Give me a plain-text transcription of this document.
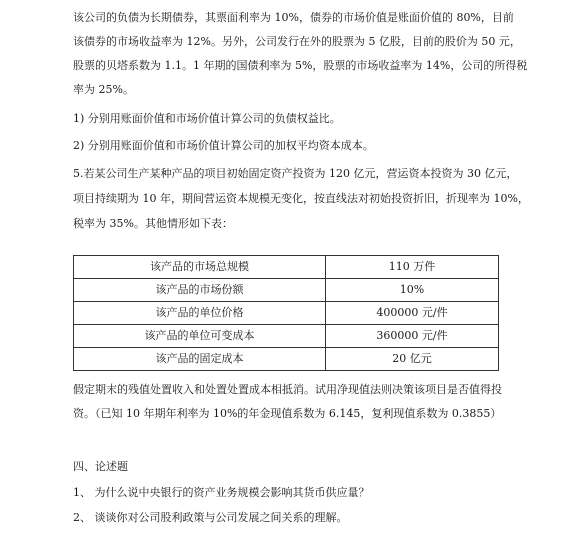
该公司的负债为长期债券，其票面利率为 10%，债券的市场价值是账面价值的 80%，目前
该债券的市场收益率为 12%。另外，公司发行在外的股票为 5 亿股，目前的股价为 50 元，
股票的贝塔系数为 1.1。1 年期的国债利率为 5%，股票的市场收益率为 14%，公司的所得税
率为 25%。
1) 分别用账面价值和市场价值计算公司的负债权益比。
2) 分别用账面价值和市场价值计算公司的加权平均资本成本。
5.若某公司生产某种产品的项目初始固定资产投资为 120 亿元，营运资本投资为 30 亿元，
项目持续期为 10 年，期间营运资本规模无变化，按直线法对初始投资折旧，折现率为 10%，
税率为 35%。其他情形如下表：
该产品的市场总规模	110 万件
该产品的市场份额	10%
该产品的单位价格	400000 元/件
该产品的单位可变成本	360000 元/件
该产品的固定成本	20 亿元
假定期末的残值处置收入和处置处置成本相抵消。试用净现值法则决策该项目是否值得投
资。（已知 10 年期年利率为 10%的年金现值系数为 6.145，复利现值系数为 0.3855）
四、论述题
1、 为什么说中央银行的资产业务规模会影响其货币供应量？
2、 谈谈你对公司股利政策与公司发展之间关系的理解。
